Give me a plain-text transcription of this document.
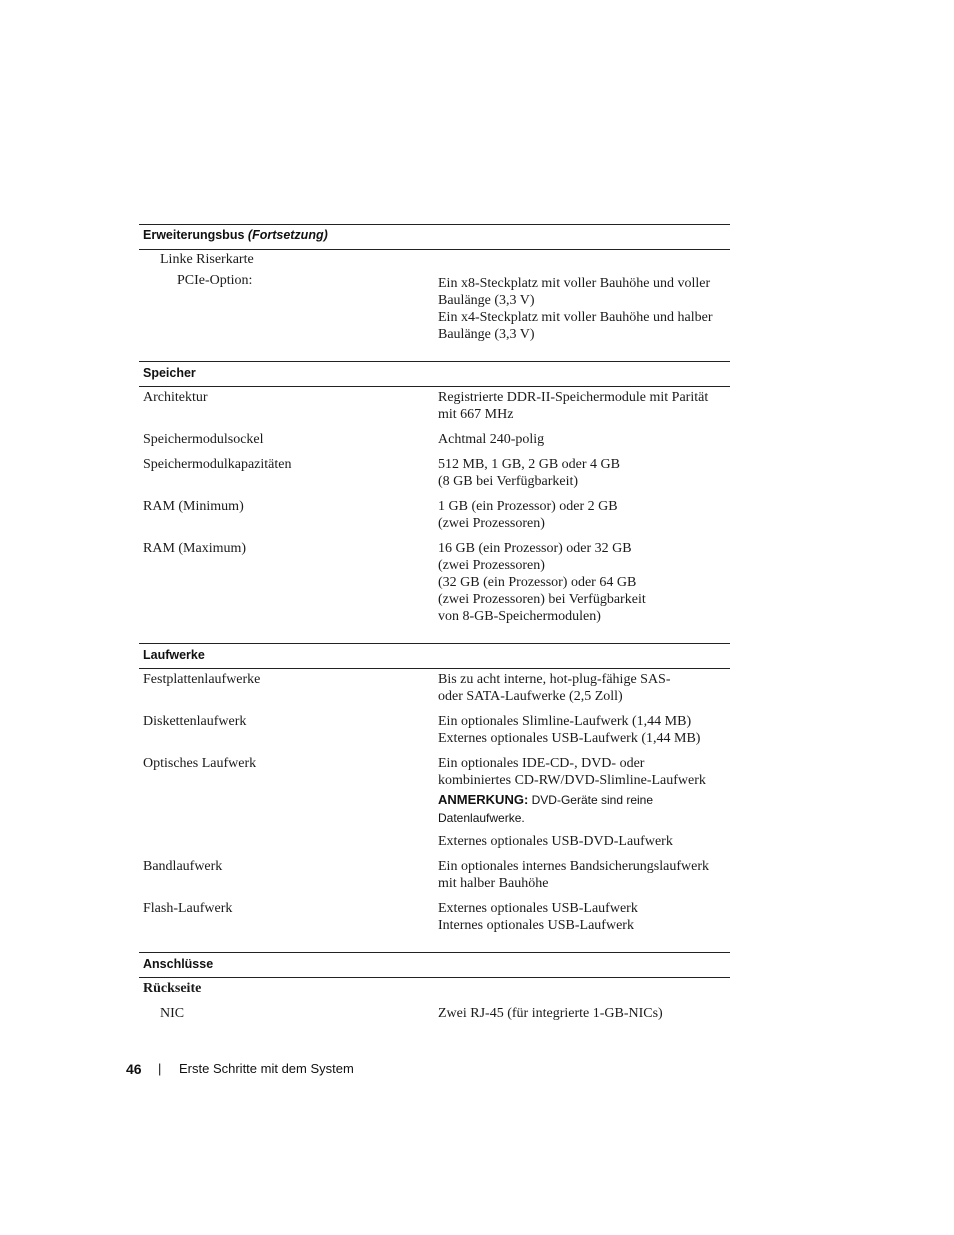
Erweiterungsbus (Fortsetzung)
Linke Riserkarte
PCIe-Option:	Ein x8-Steckplatz mit voller Bauhöhe und voller
Baulänge (3,3 V)
Ein x4-Steckplatz mit voller Bauhöhe und halber
Baulänge (3,3 V)
Speicher
Architektur	Registrierte DDR-II-Speichermodule mit Parität
mit 667 MHz
Speichermodulsockel	Achtmal 240-polig
Speichermodulkapazitäten	512 MB, 1 GB, 2 GB oder 4 GB
(8 GB bei Verfügbarkeit)
RAM (Minimum)	1 GB (ein Prozessor) oder 2 GB
(zwei Prozessoren)
RAM (Maximum)	16 GB (ein Prozessor) oder 32 GB
(zwei Prozessoren)
(32 GB (ein Prozessor) oder 64 GB
(zwei Prozessoren) bei Verfügbarkeit
von 8-GB-Speichermodulen)
Laufwerke
Festplattenlaufwerke	Bis zu acht interne, hot-plug-fähige SAS-
oder SATA-Laufwerke (2,5 Zoll)
Diskettenlaufwerk	Ein optionales Slimline-Laufwerk (1,44 MB)
Externes optionales USB-Laufwerk (1,44 MB)
Optisches Laufwerk	Ein optionales IDE-CD-, DVD- oder
kombiniertes CD-RW/DVD-Slimline-Laufwerk
ANMERKUNG: DVD-Geräte sind reine Datenlaufwerke.
Externes optionales USB-DVD-Laufwerk
Bandlaufwerk	Ein optionales internes Bandsicherungslaufwerk
mit halber Bauhöhe
Flash-Laufwerk	Externes optionales USB-Laufwerk
Internes optionales USB-Laufwerk
Anschlüsse
Rückseite
NIC	Zwei RJ-45 (für integrierte 1-GB-NICs)
46 | Erste Schritte mit dem System
